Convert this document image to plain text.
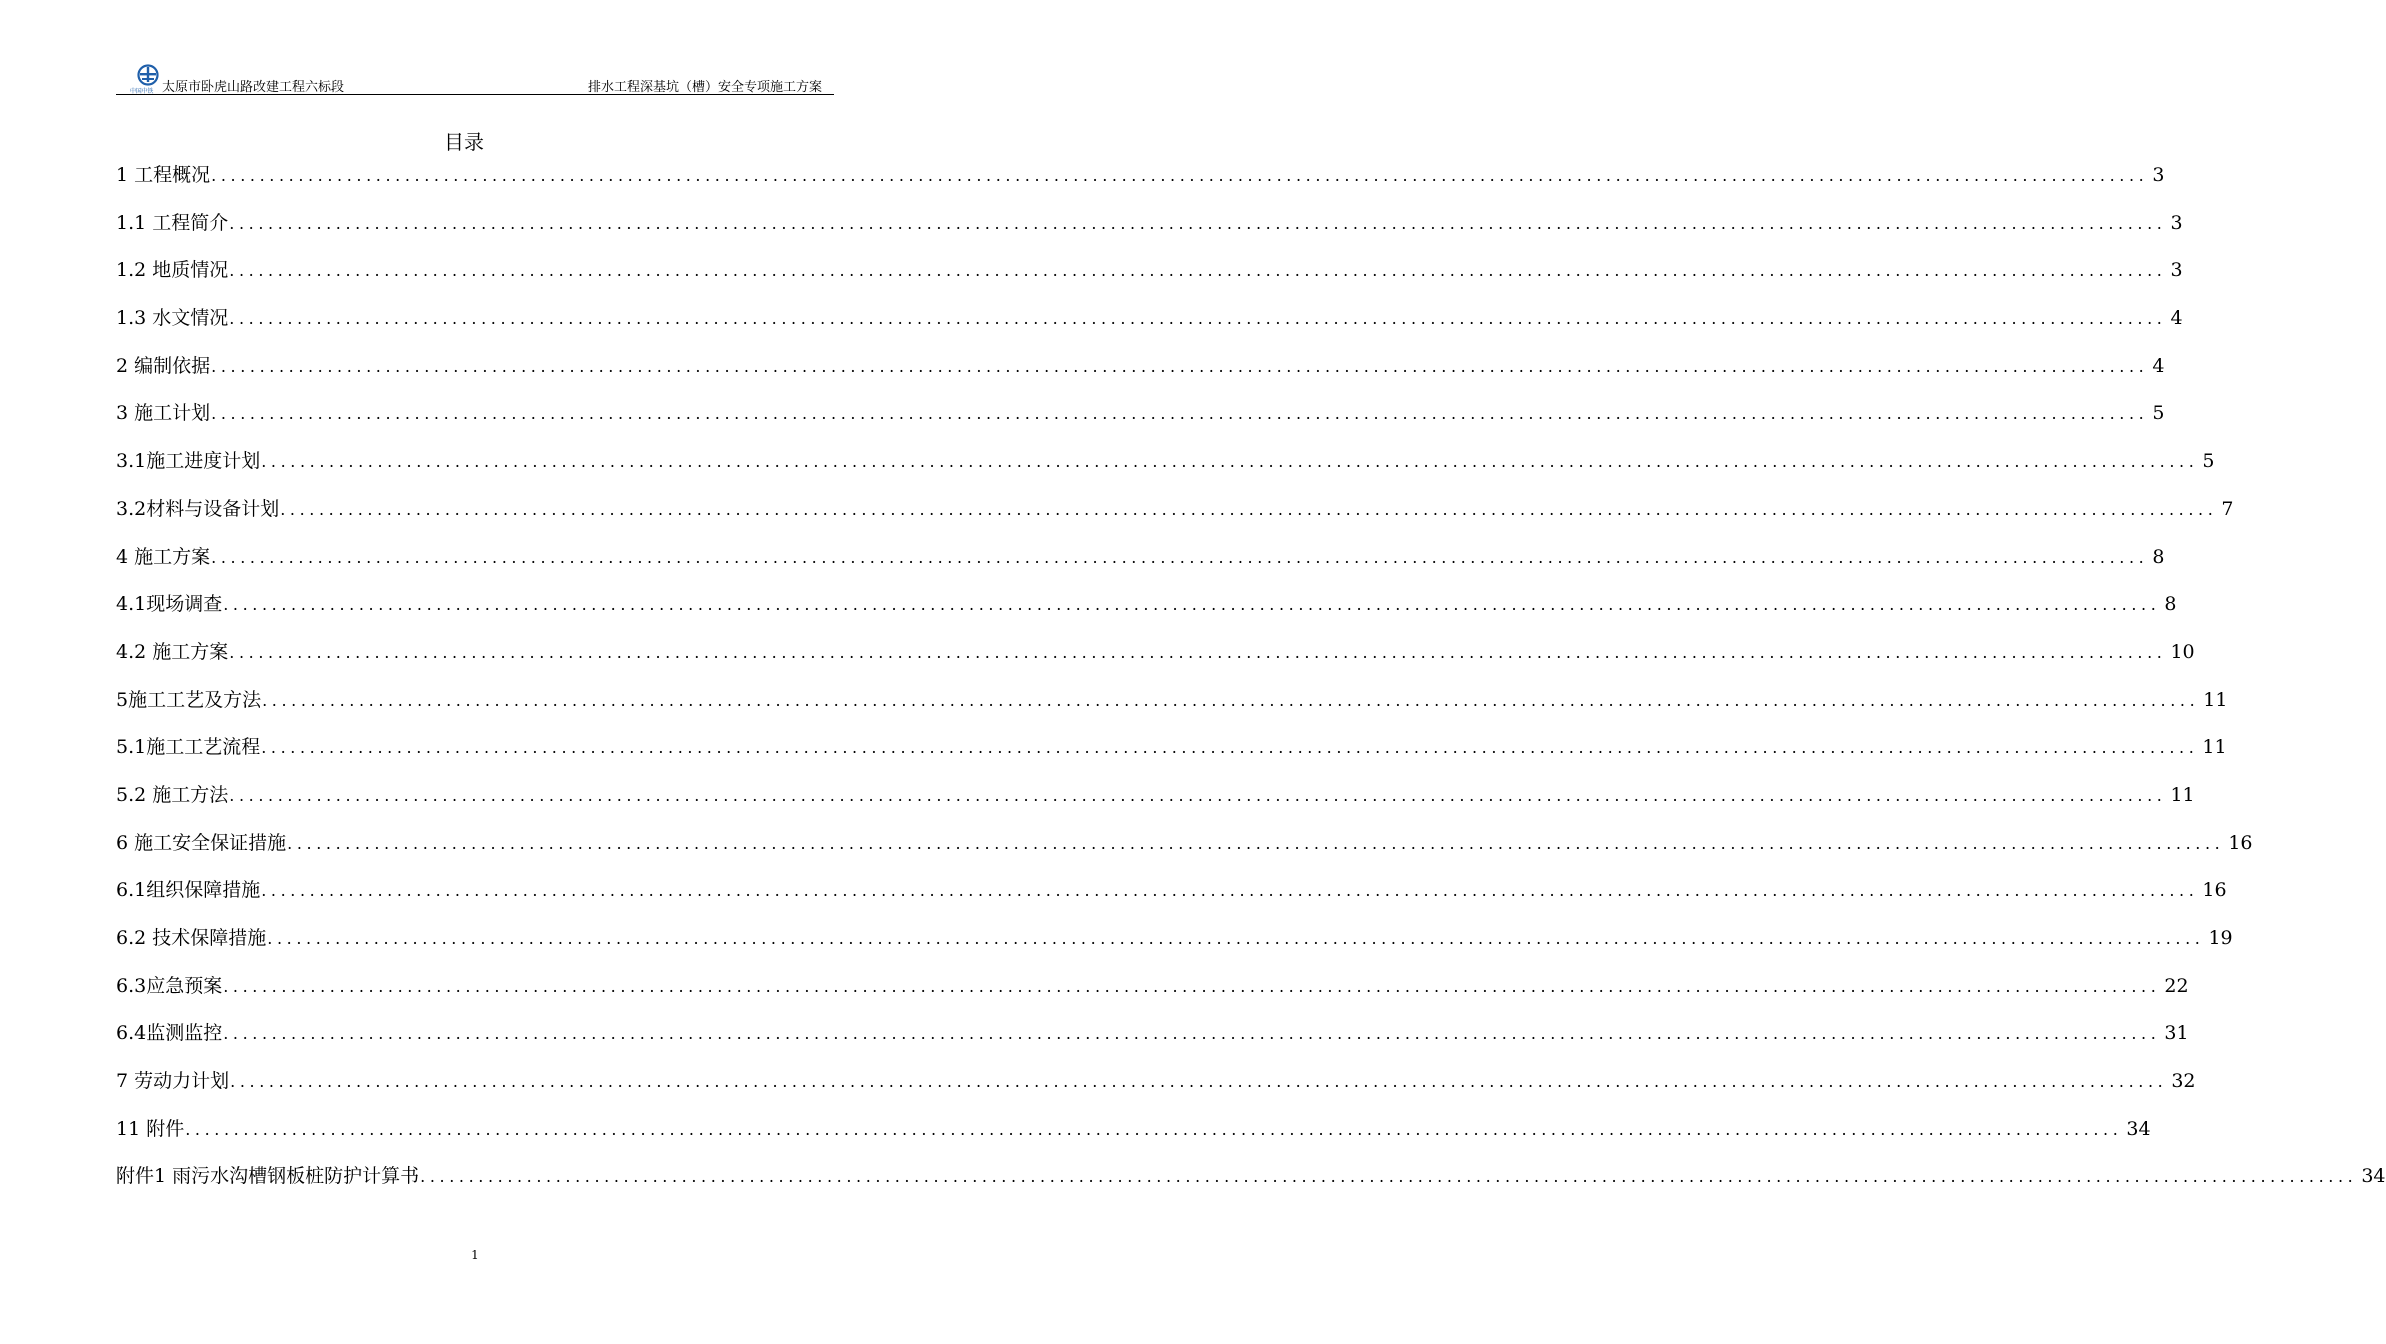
中国中铁 太原市卧虎山路改建工程六标段	排水工程深基坑（槽）安全专项施工方案
目录
1 工程概况 ........................................................................................................................................................................................................ 3
1.1 工程简介 ........................................................................................................................................................................................................ 3
1.2 地质情况 ........................................................................................................................................................................................................ 3
1.3 水文情况 ........................................................................................................................................................................................................ 4
2 编制依据 ........................................................................................................................................................................................................ 4
3 施工计划 ........................................................................................................................................................................................................ 5
3.1施工进度计划 ........................................................................................................................................................................................................ 5
3.2材料与设备计划 ........................................................................................................................................................................................................ 7
4 施工方案 ........................................................................................................................................................................................................ 8
4.1现场调查 ........................................................................................................................................................................................................ 8
4.2 施工方案 ........................................................................................................................................................................................................ 10
5施工工艺及方法 ........................................................................................................................................................................................................ 11
5.1施工工艺流程 ........................................................................................................................................................................................................ 11
5.2 施工方法 ........................................................................................................................................................................................................ 11
6 施工安全保证措施 ........................................................................................................................................................................................................ 16
6.1组织保障措施 ........................................................................................................................................................................................................ 16
6.2 技术保障措施 ........................................................................................................................................................................................................ 19
6.3应急预案 ........................................................................................................................................................................................................ 22
6.4监测监控 ........................................................................................................................................................................................................ 31
7 劳动力计划 ........................................................................................................................................................................................................ 32
11 附件 ........................................................................................................................................................................................................ 34
附件1 雨污水沟槽钢板桩防护计算书 ........................................................................................................................................................................................................ 34
1
